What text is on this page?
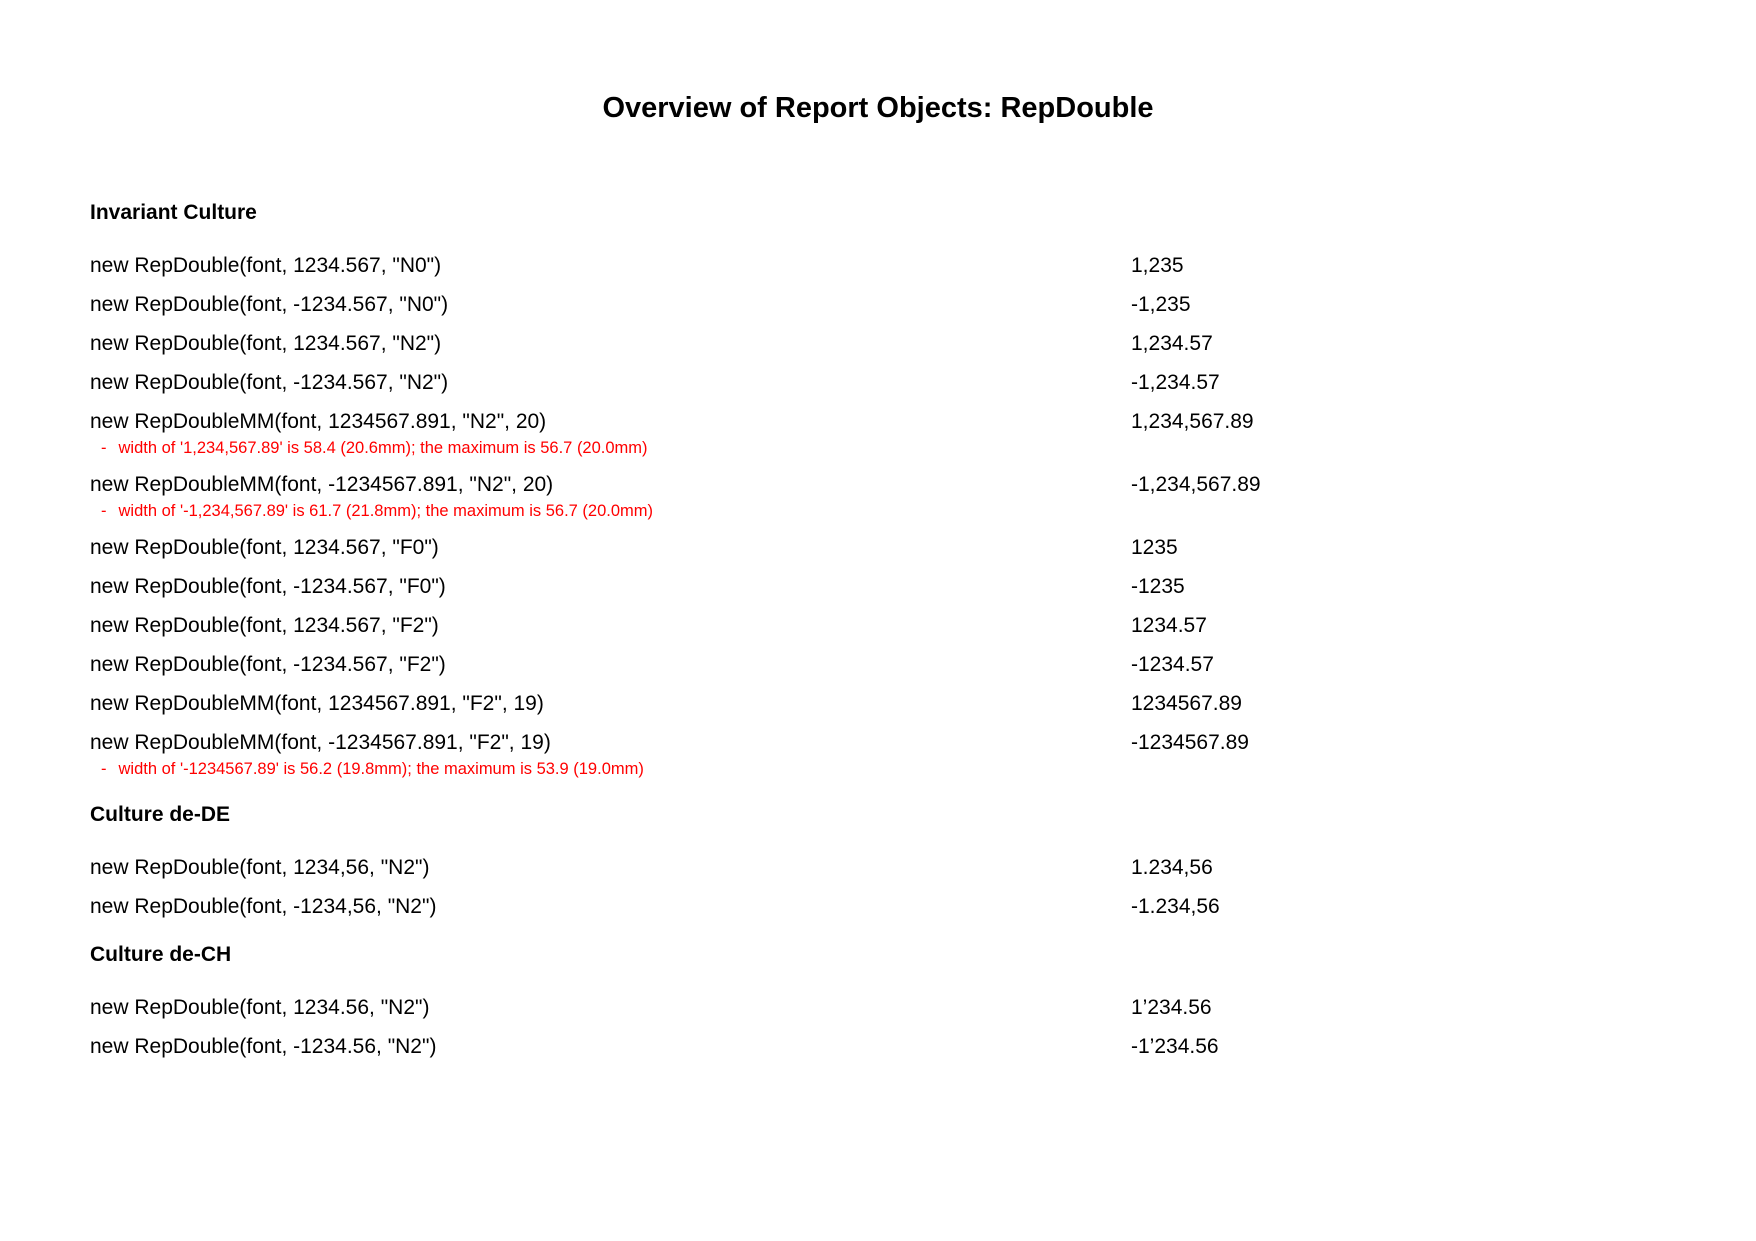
Overview of Report Objects: RepDouble
Invariant Culture
new RepDouble(font, 1234.567, "N0")	1,235
new RepDouble(font, -1234.567, "N0")	-1,235
new RepDouble(font, 1234.567, "N2")	1,234.57
new RepDouble(font, -1234.567, "N2")	-1,234.57
new RepDoubleMM(font, 1234567.891, "N2", 20)	1,234,567.89
- width of '1,234,567.89' is 58.4 (20.6mm); the maximum is 56.7 (20.0mm)
new RepDoubleMM(font, -1234567.891, "N2", 20)	-1,234,567.89
- width of '-1,234,567.89' is 61.7 (21.8mm); the maximum is 56.7 (20.0mm)
new RepDouble(font, 1234.567, "F0")	1235
new RepDouble(font, -1234.567, "F0")	-1235
new RepDouble(font, 1234.567, "F2")	1234.57
new RepDouble(font, -1234.567, "F2")	-1234.57
new RepDoubleMM(font, 1234567.891, "F2", 19)	1234567.89
new RepDoubleMM(font, -1234567.891, "F2", 19)	-1234567.89
- width of '-1234567.89' is 56.2 (19.8mm); the maximum is 53.9 (19.0mm)
Culture de-DE
new RepDouble(font, 1234,56, "N2")	1.234,56
new RepDouble(font, -1234,56, "N2")	-1.234,56
Culture de-CH
new RepDouble(font, 1234.56, "N2")	1’234.56
new RepDouble(font, -1234.56, "N2")	-1’234.56
